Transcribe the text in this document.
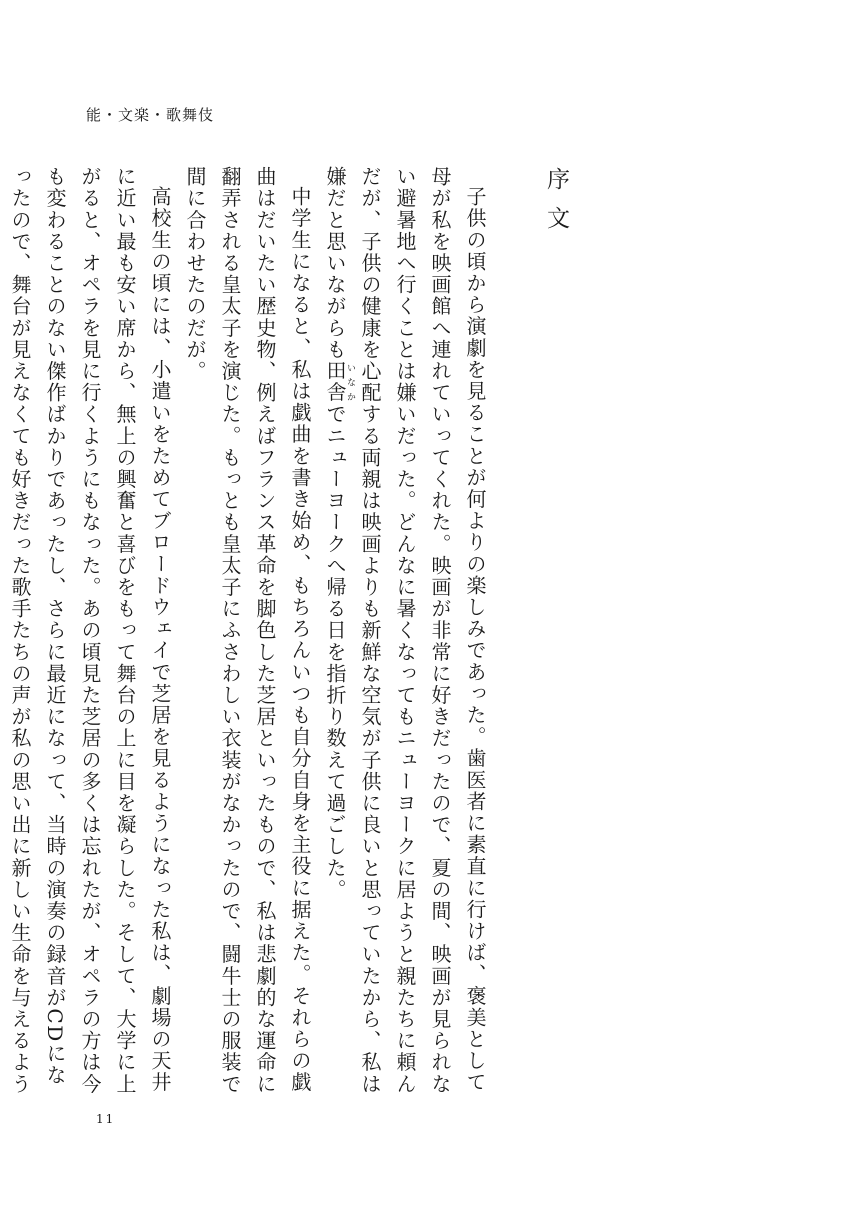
能・文楽・歌舞伎
序文

子供の頃から演劇を見ることが何よりの楽しみであった。歯医者に素直に行けば、褒美として母が私を映画館へ連れていってくれた。映画が非常に好きだったので、夏の間、映画が見られない避暑地へ行くことは嫌いだった。どんなに暑くなってもニューヨークに居ようと親たちに頼んだが、子供の健康を心配する両親は映画よりも新鮮な空気が子供に良いと思っていたから、私は嫌だと思いながらも田舎いなかでニューヨークへ帰る日を指折り数えて過ごした。

中学生になると、私は戯曲を書き始め、もちろんいつも自分自身を主役に据えた。それらの戯曲はだいたい歴史物、例えばフランス革命を脚色した芝居といったもので、私は悲劇的な運命に翻弄される皇太子を演じた。もっとも皇太子にふさわしい衣装がなかったので、闘牛士の服装で間に合わせたのだが。

高校生の頃には、小遣いをためてブロードウェイで芝居を見るようになった私は、劇場の天井に近い最も安い席から、無上の興奮と喜びをもって舞台の上に目を凝らした。そして、大学に上がると、オペラを見に行くようにもなった。あの頃見た芝居の多くは忘れたが、オペラの方は今も変わることのない傑作ばかりであったし、さらに最近になって、当時の演奏の録音がCDになったので、舞台が見えなくても好きだった歌手たちの声が私の思い出に新しい生命を与えるよう

11
